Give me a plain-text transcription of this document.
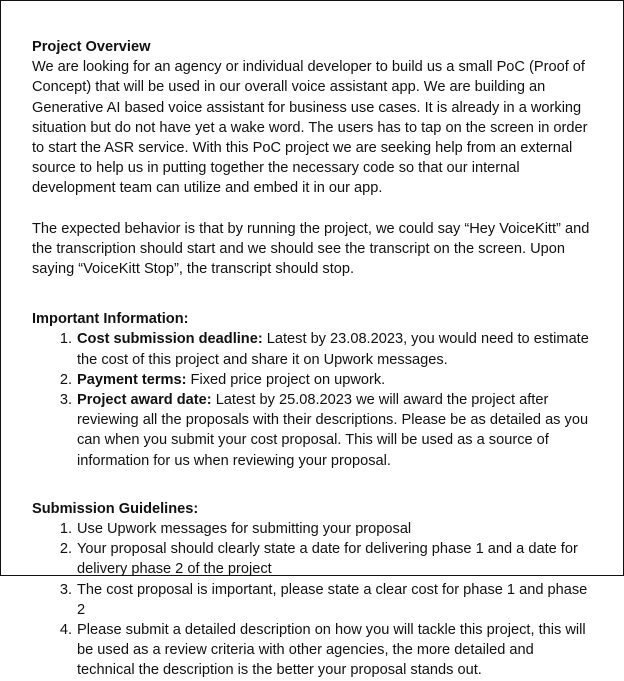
Project Overview

We are looking for an agency or individual developer to build us a small PoC (Proof of Concept) that will be used in our overall voice assistant app. We are building an Generative AI based voice assistant for business use cases. It is already in a working situation but do not have yet a wake word. The users has to tap on the screen in order to start the ASR service. With this PoC project we are seeking help from an external source to help us in putting together the necessary code so that our internal development team can utilize and embed it in our app.

The expected behavior is that by running the project, we could say “Hey VoiceKitt” and the transcription should start and we should see the transcript on the screen. Upon saying “VoiceKitt Stop”, the transcript should stop.

Important Information:
Cost submission deadline: Latest by 23.08.2023, you would need to estimate the cost of this project and share it on Upwork messages.
Payment terms: Fixed price project on upwork.
Project award date: Latest by 25.08.2023 we will award the project after reviewing all the proposals with their descriptions. Please be as detailed as you can when you submit your cost proposal. This will be used as a source of information for us when reviewing your proposal.
Submission Guidelines:
Use Upwork messages for submitting your proposal
Your proposal should clearly state a date for delivering phase 1 and a date for delivery phase 2 of the project
The cost proposal is important, please state a clear cost for phase 1 and phase 2
Please submit a detailed description on how you will tackle this project, this will be used as a review criteria with other agencies, the more detailed and technical the description is the better your proposal stands out.
